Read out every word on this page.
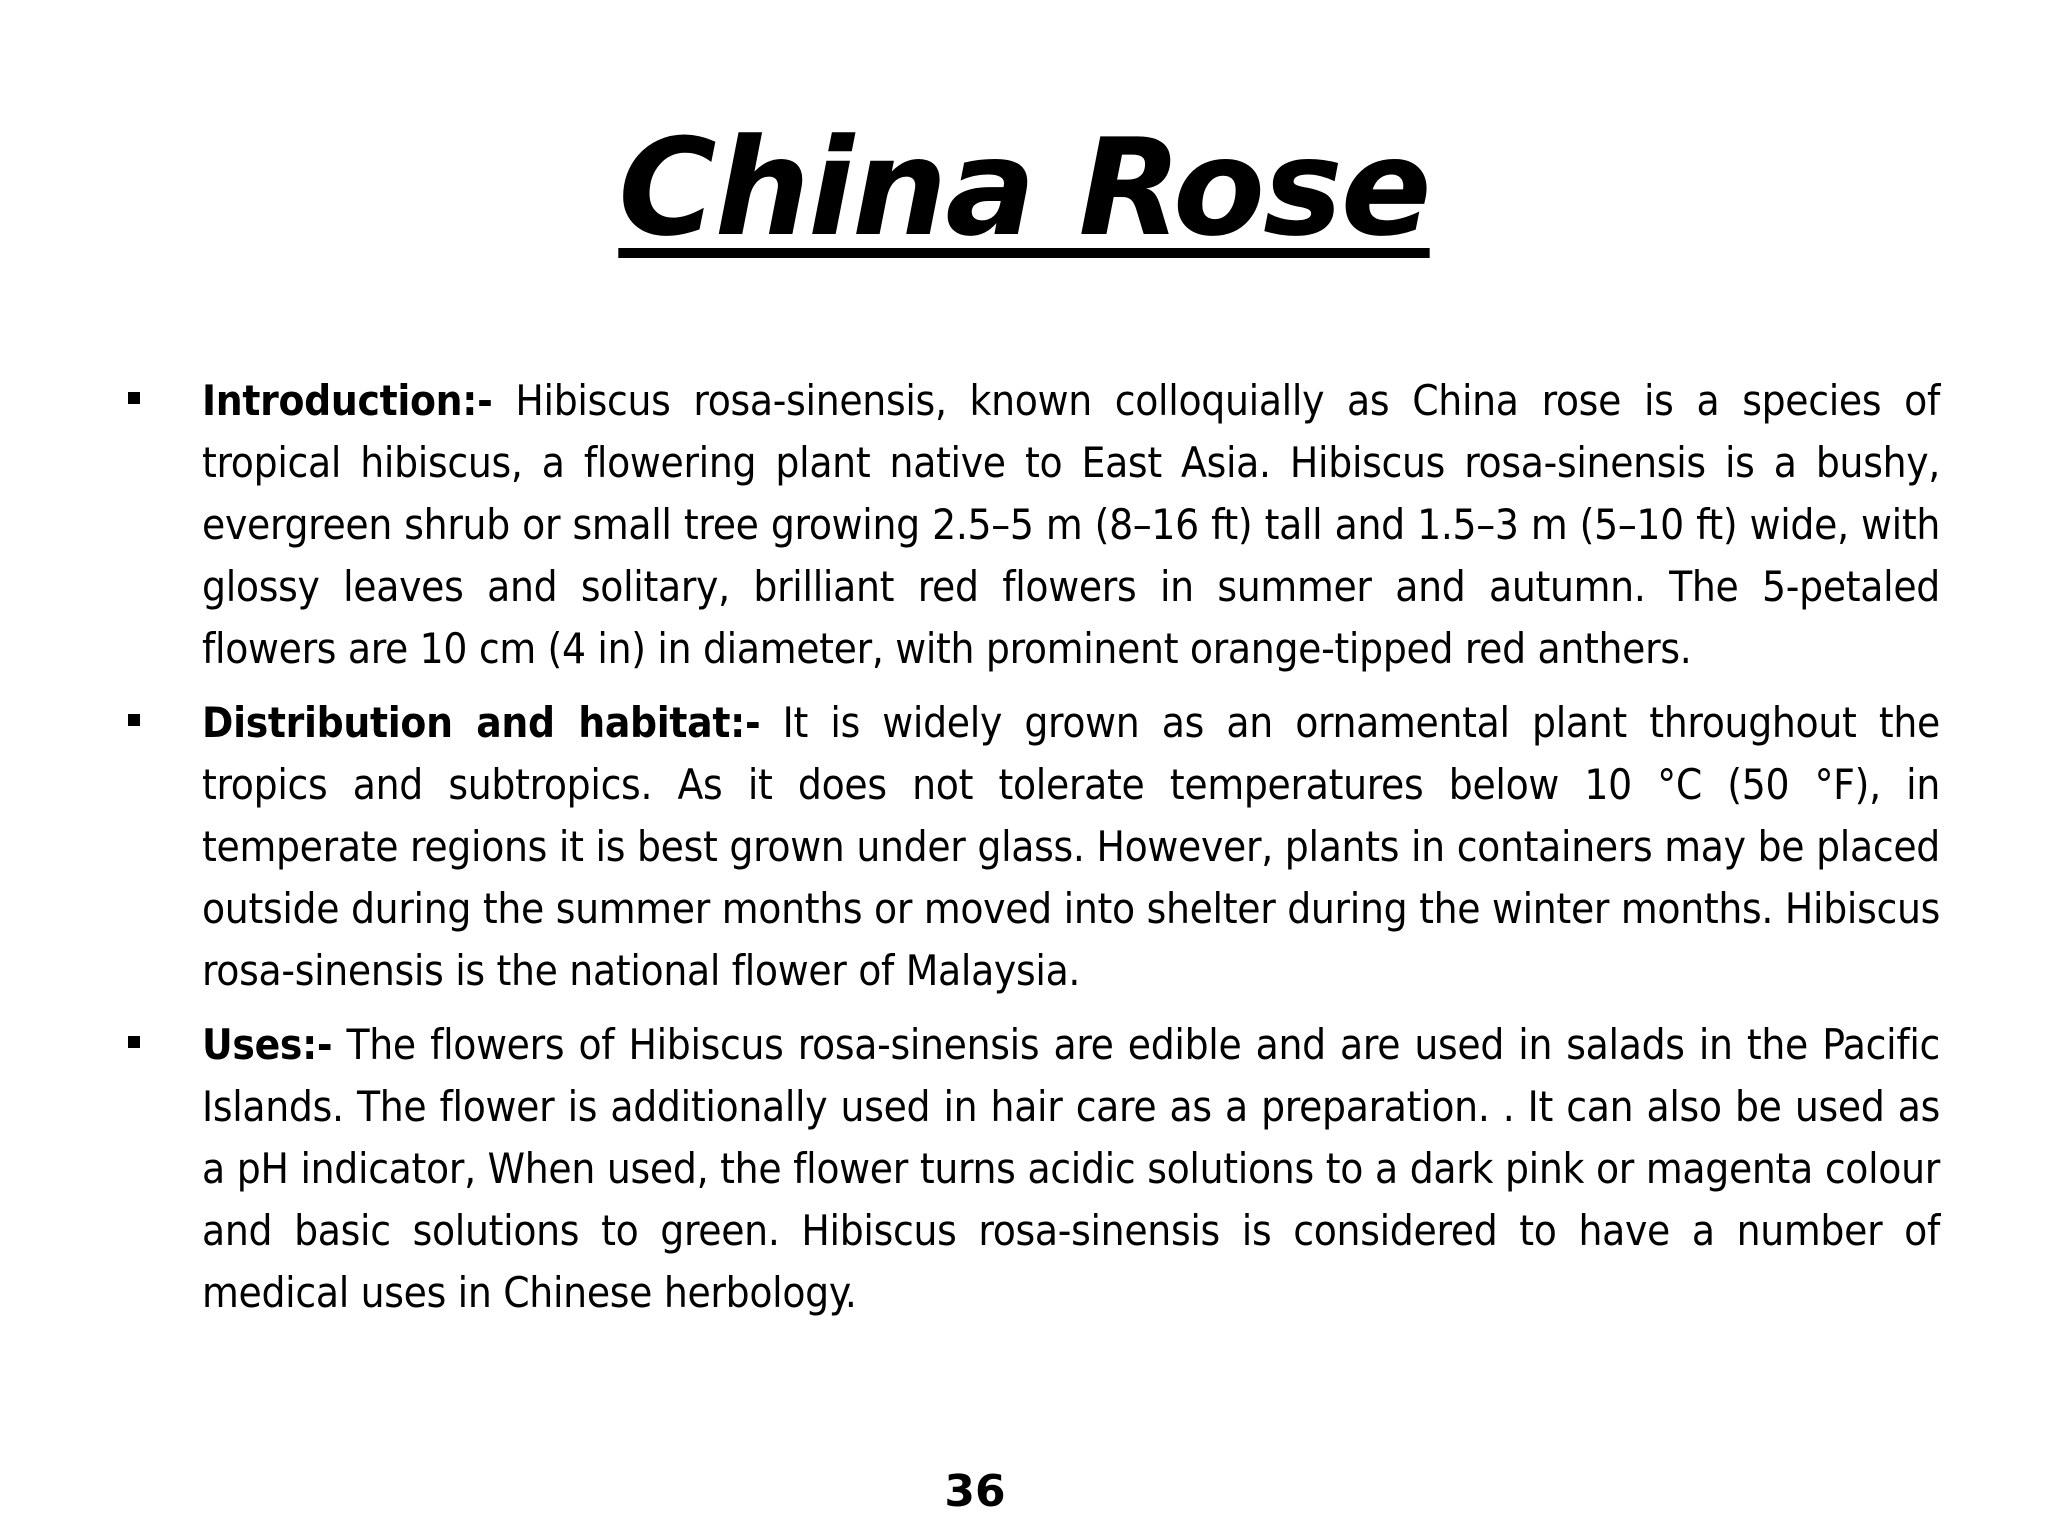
China Rose
Introduction:- Hibiscus rosa-sinensis, known colloquially as China rose is a species of tropical hibiscus, a flowering plant native to East Asia. Hibiscus rosa-sinensis is a bushy, evergreen shrub or small tree growing 2.5–5 m (8–16 ft) tall and 1.5–3 m (5–10 ft) wide, with glossy leaves and solitary, brilliant red flowers in summer and autumn. The 5-petaled flowers are 10 cm (4 in) in diameter, with prominent orange-tipped red anthers.
Distribution and habitat:- It is widely grown as an ornamental plant throughout the tropics and subtropics. As it does not tolerate temperatures below 10 °C (50 °F), in temperate regions it is best grown under glass. However, plants in containers may be placed outside during the summer months or moved into shelter during the winter months. Hibiscus rosa-sinensis is the national flower of Malaysia.
Uses:- The flowers of Hibiscus rosa-sinensis are edible and are used in salads in the Pacific Islands. The flower is additionally used in hair care as a preparation. . It can also be used as a pH indicator, When used, the flower turns acidic solutions to a dark pink or magenta colour and basic solutions to green. Hibiscus rosa-sinensis is considered to have a number of medical uses in Chinese herbology.
36
